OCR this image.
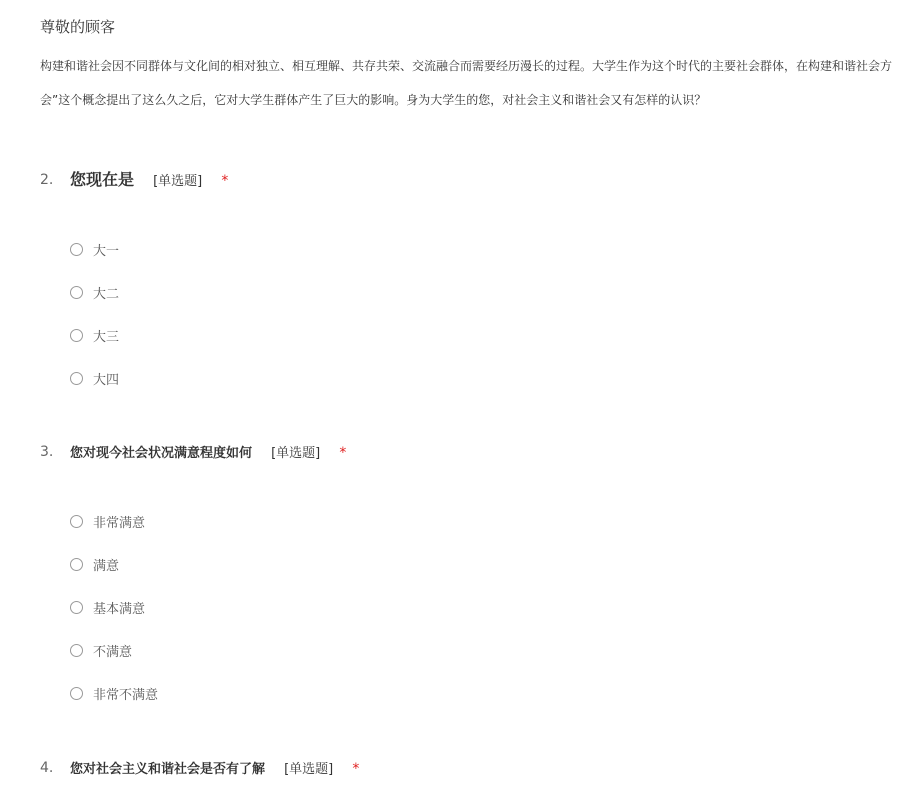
尊敬的顾客

构建和谐社会因不同群体与文化间的相对独立、相互理解、共存共荣、交流融合而需要经历漫长的过程。大学生作为这个时代的主要社会群体，在构建和谐社会方

会”这个概念提出了这么久之后，它对大学生群体产生了巨大的影响。身为大学生的您，对社会主义和谐社会又有怎样的认识？

2. 您现在是 [单选题] *
大一
大二
大三
大四
3. 您对现今社会状况满意程度如何 [单选题] *
非常满意
满意
基本满意
不满意
非常不满意
4. 您对社会主义和谐社会是否有了解 [单选题] *
